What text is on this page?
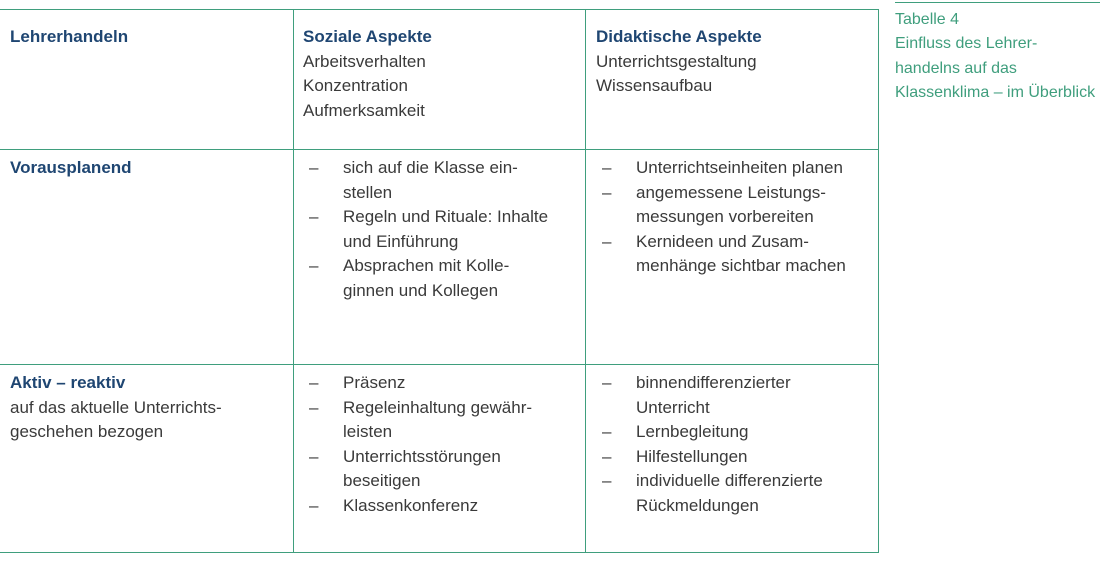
Lehrerhandeln	Soziale Aspekte
Arbeitsverhalten
Konzentration
Aufmerksamkeit
Didaktische Aspekte
Unterrichtsgestaltung
Wissensaufbau
Vorausplanend
–	sich auf die Klasse ein-stellen
– Regeln und Rituale: Inhalte und Einführung
– Absprachen mit Kolle-ginnen und Kollegen
– Unterrichtseinheiten planen
– angemessene Leistungs-messungen vorbereiten
– Kernideen und Zusam-menhänge sichtbar machen
Aktiv – reaktiv
auf das aktuelle Unterrichts-geschehen bezogen
– Präsenz
– Regeleinhaltung gewähr-leisten
– Unterrichtsstörungen beseitigen
– Klassenkonferenz
– binnendifferenzierter Unterricht
– Lernbegleitung
– Hilfestellungen
– individuelle differenzierte Rückmeldungen
Tabelle 4
Einfluss des Lehrer-handelns auf das Klassenklima – im Überblick
